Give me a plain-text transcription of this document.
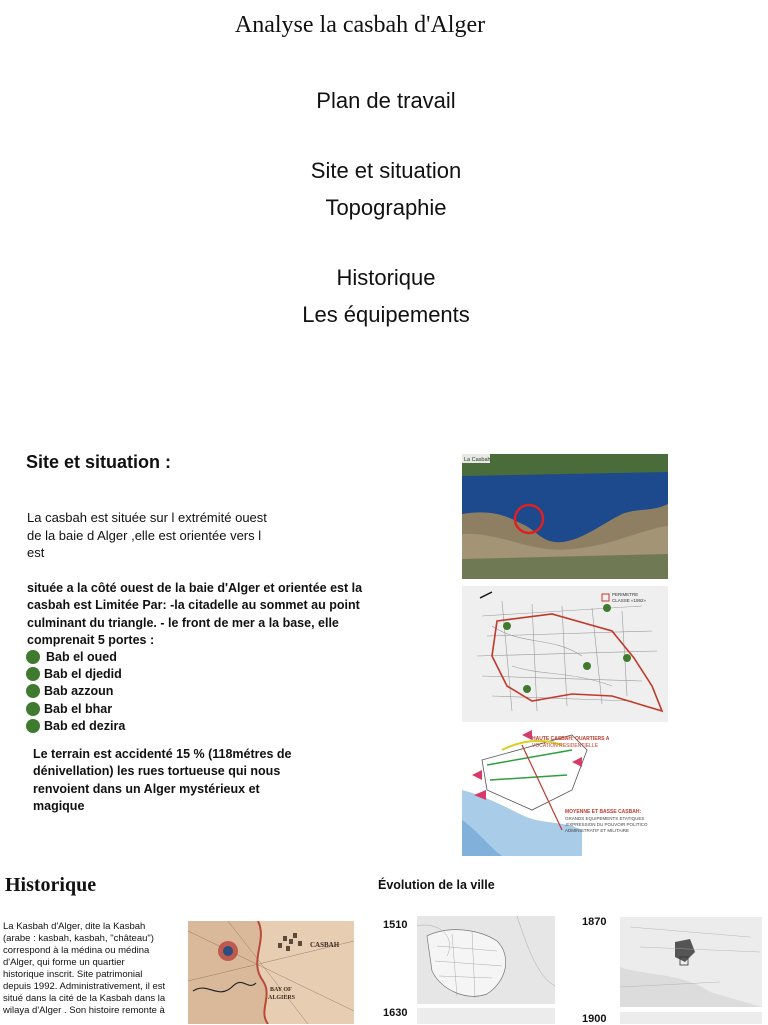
Analyse la casbah d'Alger
Plan de travail
Site et situation
Topographie
Historique
Les équipements
Site et situation :
La casbah est située sur l extrémité ouest
de la baie d Alger ,elle est orientée vers l
est
située a la côté ouest de la baie d'Alger et orientée est la
casbah est Limitée Par: -la citadelle au sommet au point
culminant du triangle. - le front de mer a la base, elle
comprenait 5 portes :
Bab el oued
Bab el djedid
Bab azzoun
Bab el bhar
Bab ed dezira
Le terrain est accidenté 15 % (118métres de
dénivellation) les rues tortueuse qui nous
renvoient dans un Alger mystérieux et
magique
La Casbah
PERIMETRE
CLASSE «1992»
HAUTE CASBAH: QUARTIERS A
VOCATION RESIDENTIELLE
MOYENNE ET BASSE CASBAH:
GRANDS EQUIPEMENTS ETATIQUES
,EXPRESSION DU POUVOIR POLITICO
ADMINISTRATIF ET MILITAIRE
Historique
La Kasbah d'Alger, dite la Kasbah
(arabe : kasbah, kasbah, "château")
correspond à la médina ou médina
d'Alger, qui forme un quartier
historique inscrit. Site patrimonial
depuis 1992. Administrativement, il est
situé dans la cité de la Kasbah dans la
wilaya d'Alger . Son histoire remonte à
CASBAH
BAY OF
ALGIERS
Évolution de la ville
1510	1870
1630	1900
